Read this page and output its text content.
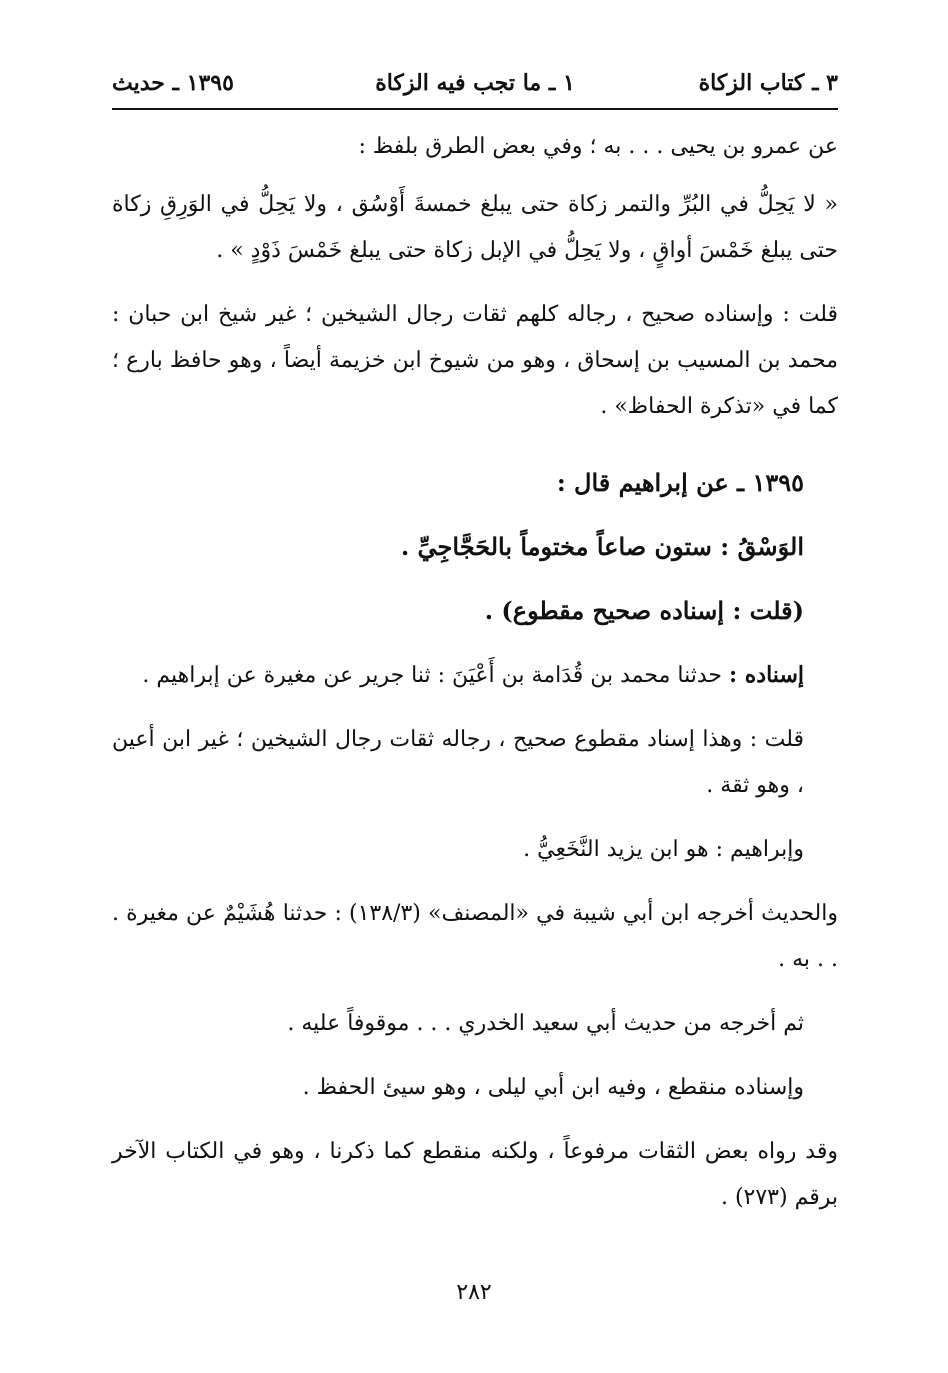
٣ ـ كتاب الزكاة
١ ـ ما تجب فيه الزكاة
١٣٩٥ ـ حديث

عن عمرو بن يحيى . . . به ؛ وفي بعض الطرق بلفظ :

« لا يَحِلُّ في البُرِّ والتمر زكاة حتى يبلغ خمسةَ أَوْسُق ، ولا يَحِلُّ في الوَرِقِ زكاة حتى يبلغ خَمْسَ أواقٍ ، ولا يَحِلُّ في الإبل زكاة حتى يبلغ خَمْسَ ذَوْدٍ » .

قلت : وإسناده صحيح ، رجاله كلهم ثقات رجال الشيخين ؛ غير شيخ ابن حبان : محمد بن المسيب بن إسحاق ، وهو من شيوخ ابن خزيمة أيضاً ، وهو حافظ بارع ؛ كما في «تذكرة الحفاظ» .

١٣٩٥ ـ عن إبراهيم قال :

الوَسْقُ : ستون صاعاً مختوماً بالحَجَّاجِيِّ .

(قلت : إسناده صحيح مقطوع) .

إسناده : حدثنا محمد بن قُدَامة بن أَعْيَنَ : ثنا جرير عن مغيرة عن إبراهيم .

قلت : وهذا إسناد مقطوع صحيح ، رجاله ثقات رجال الشيخين ؛ غير ابن أعين ، وهو ثقة .

وإبراهيم : هو ابن يزيد النَّخَعِيُّ .

والحديث أخرجه ابن أبي شيبة في «المصنف» (١٣٨/٣) : حدثنا هُشَيْمٌ عن مغيرة . . . به .

ثم أخرجه من حديث أبي سعيد الخدري . . . موقوفاً عليه .

وإسناده منقطع ، وفيه ابن أبي ليلى ، وهو سيئ الحفظ .

وقد رواه بعض الثقات مرفوعاً ، ولكنه منقطع كما ذكرنا ، وهو في الكتاب الآخر برقم (٢٧٣) .

٢٨٢
